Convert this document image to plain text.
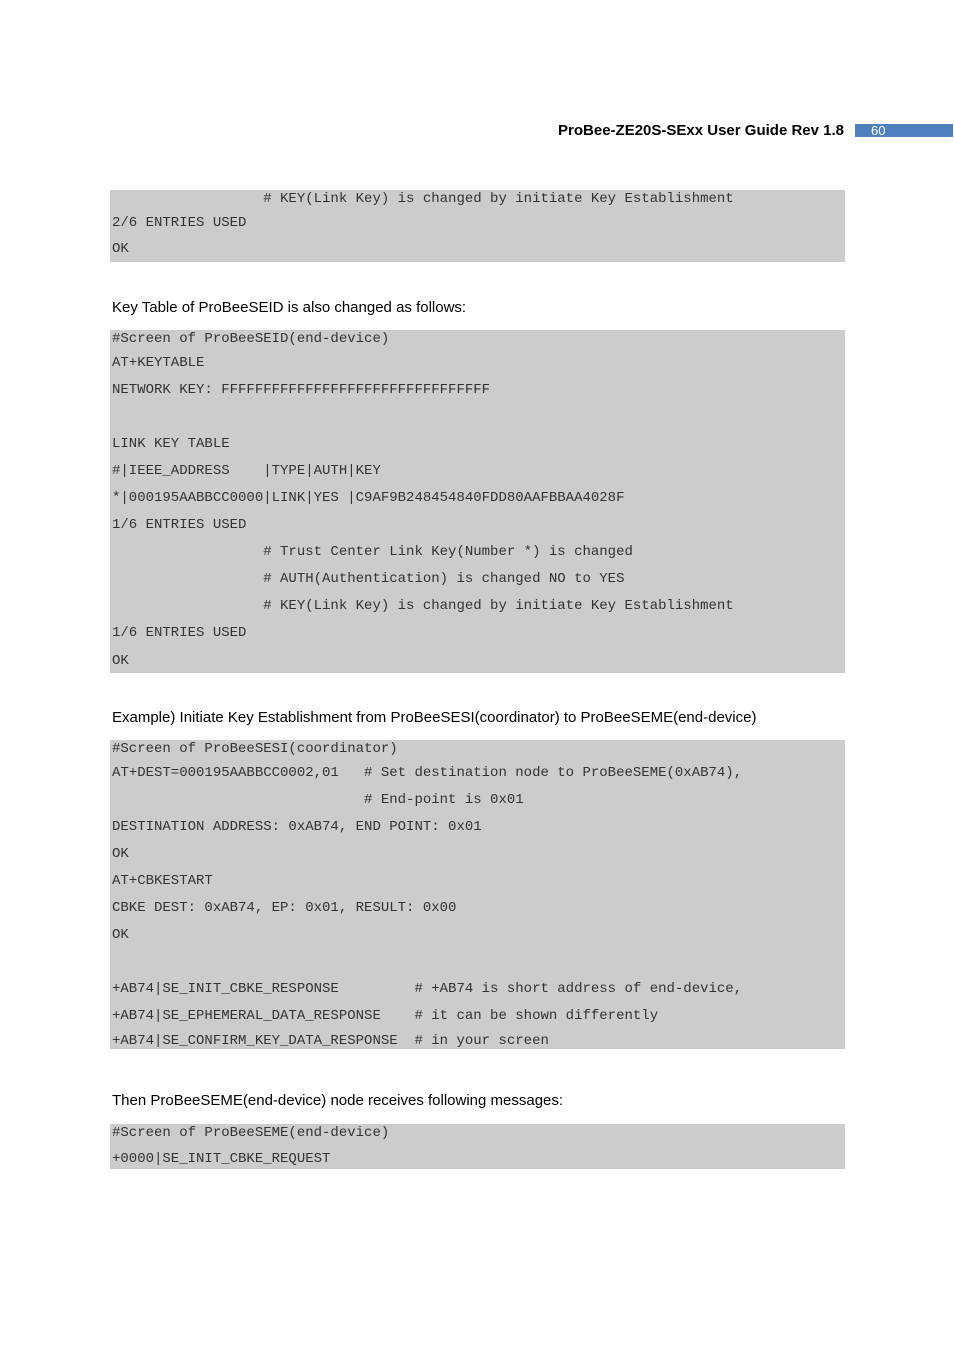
ProBee-ZE20S-SExx User Guide Rev 1.8	60
# KEY(Link Key) is changed by initiate Key Establishment
2/6 ENTRIES USED
OK
Key Table of ProBeeSEID is also changed as follows:
#Screen of ProBeeSEID(end-device)
AT+KEYTABLE
NETWORK KEY: FFFFFFFFFFFFFFFFFFFFFFFFFFFFFFFF
LINK KEY TABLE
#|IEEE_ADDRESS    |TYPE|AUTH|KEY
*|000195AABBCC0000|LINK|YES |C9AF9B248454840FDD80AAFBBAA4028F
1/6 ENTRIES USED
# Trust Center Link Key(Number *) is changed
# AUTH(Authentication) is changed NO to YES
# KEY(Link Key) is changed by initiate Key Establishment
1/6 ENTRIES USED
OK
Example) Initiate Key Establishment from ProBeeSESI(coordinator) to ProBeeSEME(end-device)
#Screen of ProBeeSESI(coordinator)
AT+DEST=000195AABBCC0002,01   # Set destination node to ProBeeSEME(0xAB74),
# End-point is 0x01
DESTINATION ADDRESS: 0xAB74, END POINT: 0x01
OK
AT+CBKESTART
CBKE DEST: 0xAB74, EP: 0x01, RESULT: 0x00
OK
+AB74|SE_INIT_CBKE_RESPONSE         # +AB74 is short address of end-device,
+AB74|SE_EPHEMERAL_DATA_RESPONSE    # it can be shown differently
+AB74|SE_CONFIRM_KEY_DATA_RESPONSE  # in your screen
Then ProBeeSEME(end-device) node receives following messages:
#Screen of ProBeeSEME(end-device)
+0000|SE_INIT_CBKE_REQUEST
